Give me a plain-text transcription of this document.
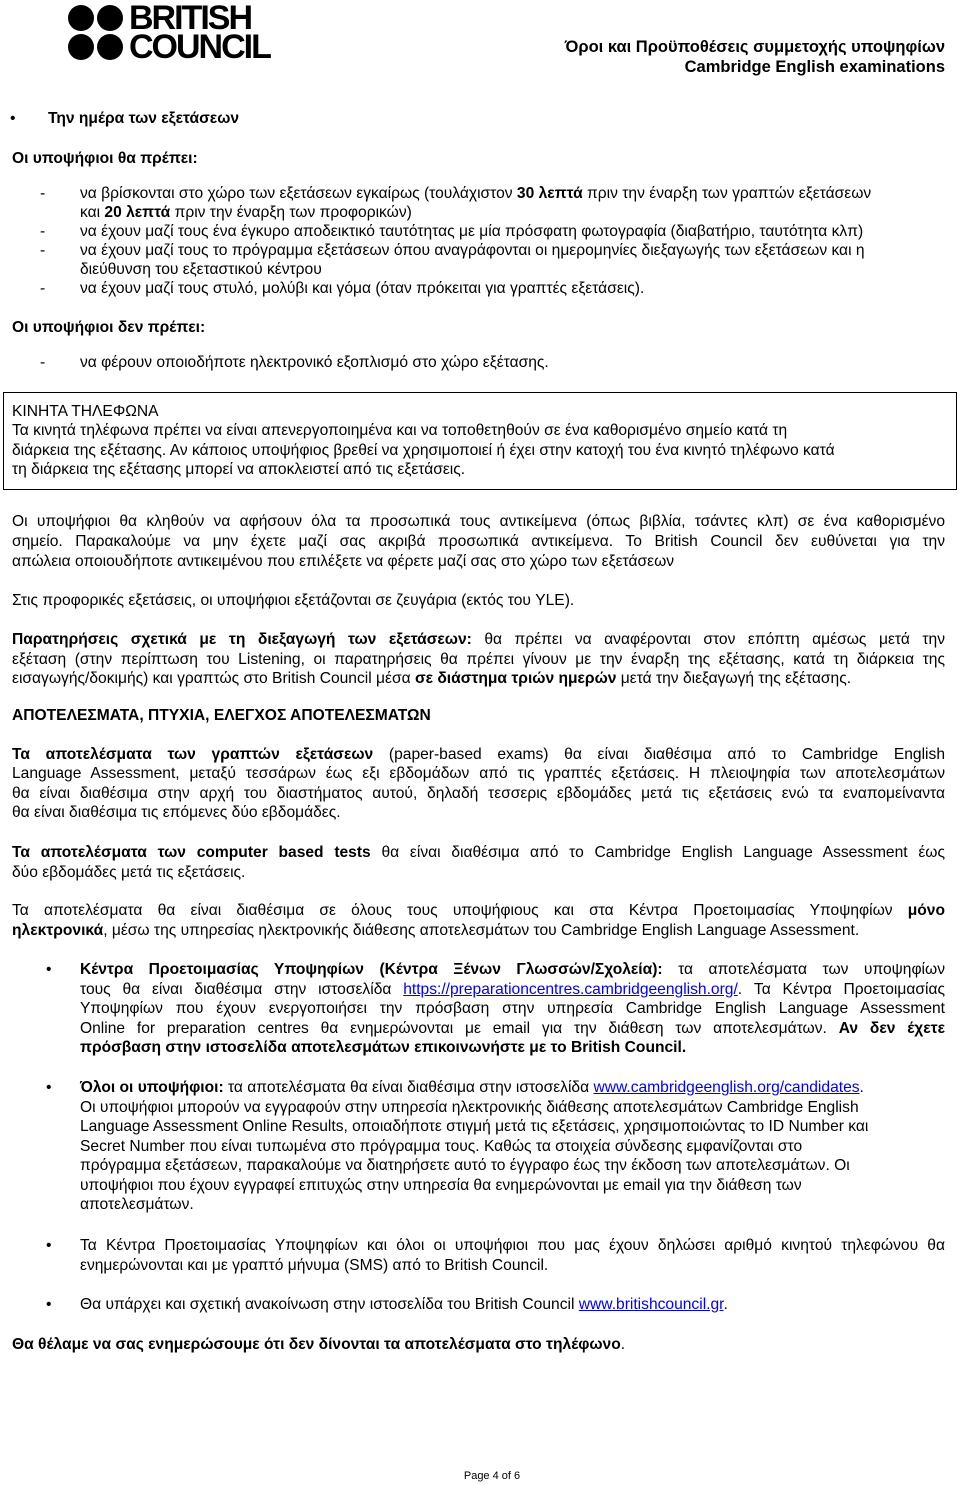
BRITISH
COUNCIL	Όροι και Προϋποθέσεις συμμετοχής υποψηφίων
Cambridge English examinations
• Την ημέρα των εξετάσεων
Οι υποψήφιοι θα πρέπει:
- να βρίσκονται στο χώρο των εξετάσεων εγκαίρως (τουλάχιστον 30 λεπτά πριν την έναρξη των γραπτών εξετάσεων
και 20 λεπτά πριν την έναρξη των προφορικών)
- να έχουν μαζί τους ένα έγκυρο αποδεικτικό ταυτότητας με μία πρόσφατη φωτογραφία (διαβατήριο, ταυτότητα κλπ)
- να έχουν μαζί τους το πρόγραμμα εξετάσεων όπου αναγράφονται οι ημερομηνίες διεξαγωγής των εξετάσεων και η
διεύθυνση του εξεταστικού κέντρου
- να έχουν μαζί τους στυλό, μολύβι και γόμα (όταν πρόκειται για γραπτές εξετάσεις).
Οι υποψήφιοι δεν πρέπει:
- να φέρουν οποιοδήποτε ηλεκτρονικό εξοπλισμό στο χώρο εξέτασης.
ΚΙΝΗΤΑ ΤΗΛΕΦΩΝΑ
Τα κινητά τηλέφωνα πρέπει να είναι απενεργοποιημένα και να τοποθετηθούν σε ένα καθορισμένο σημείο κατά τη
διάρκεια της εξέτασης. Αν κάποιος υποψήφιος βρεθεί να χρησιμοποιεί ή έχει στην κατοχή του ένα κινητό τηλέφωνο κατά
τη διάρκεια της εξέτασης μπορεί να αποκλειστεί από τις εξετάσεις.
Οι υποψήφιοι θα κληθούν να αφήσουν όλα τα προσωπικά τους αντικείμενα (όπως βιβλία, τσάντες κλπ) σε ένα καθορισμένο
σημείο. Παρακαλούμε να μην έχετε μαζί σας ακριβά προσωπικά αντικείμενα. Το British Council δεν ευθύνεται για την
απώλεια οποιουδήποτε αντικειμένου που επιλέξετε να φέρετε μαζί σας στο χώρο των εξετάσεων
Στις προφορικές εξετάσεις, οι υποψήφιοι εξετάζονται σε ζευγάρια (εκτός του YLE).
Παρατηρήσεις σχετικά με τη διεξαγωγή των εξετάσεων: θα πρέπει να αναφέρονται στον επόπτη αμέσως μετά την
εξέταση (στην περίπτωση του Listening, οι παρατηρήσεις θα πρέπει γίνουν με την έναρξη της εξέτασης, κατά τη διάρκεια της
εισαγωγής/δοκιμής) και γραπτώς στο British Council μέσα σε διάστημα τριών ημερών μετά την διεξαγωγή της εξέτασης.
ΑΠΟΤΕΛΕΣΜΑΤΑ, ΠΤΥΧΙΑ, ΕΛΕΓΧΟΣ ΑΠΟΤΕΛΕΣΜΑΤΩΝ
Τα αποτελέσματα των γραπτών εξετάσεων (paper-based exams) θα είναι διαθέσιμα από το Cambridge English
Language Assessment, μεταξύ τεσσάρων έως εξι εβδομάδων από τις γραπτές εξετάσεις. Η πλειοψηφία των αποτελεσμάτων
θα είναι διαθέσιμα στην αρχή του διαστήματος αυτού, δηλαδή τεσσερις εβδομάδες μετά τις εξετάσεις ενώ τα εναπομείναντα
θα είναι διαθέσιμα τις επόμενες δύο εβδομάδες.
Τα αποτελέσματα των computer based tests θα είναι διαθέσιμα από το Cambridge English Language Assessment έως
δύο εβδομάδες μετά τις εξετάσεις.
Τα αποτελέσματα θα είναι διαθέσιμα σε όλους τους υποψήφιους και στα Κέντρα Προετοιμασίας Υποψηφίων μόνο
ηλεκτρονικά, μέσω της υπηρεσίας ηλεκτρονικής διάθεσης αποτελεσμάτων του Cambridge English Language Assessment.
• Κέντρα Προετοιμασίας Υποψηφίων (Κέντρα Ξένων Γλωσσών/Σχολεία): τα αποτελέσματα των υποψηφίων
τους θα είναι διαθέσιμα στην ιστοσελίδα https://preparationcentres.cambridgeenglish.org/. Τα Κέντρα Προετοιμασίας
Υποψηφίων που έχουν ενεργοποιήσει την πρόσβαση στην υπηρεσία Cambridge English Language Assessment
Online for preparation centres θα ενημερώνονται με email για την διάθεση των αποτελεσμάτων. Αν δεν έχετε
πρόσβαση στην ιστοσελίδα αποτελεσμάτων επικοινωνήστε με το British Council.
• Όλοι οι υποψήφιοι: τα αποτελέσματα θα είναι διαθέσιμα στην ιστοσελίδα www.cambridgeenglish.org/candidates.
Οι υποψήφιοι μπορούν να εγγραφούν στην υπηρεσία ηλεκτρονικής διάθεσης αποτελεσμάτων Cambridge English
Language Assessment Online Results, οποιαδήποτε στιγμή μετά τις εξετάσεις, χρησιμοποιώντας το ID Number και
Secret Number που είναι τυπωμένα στο πρόγραμμα τους. Καθώς τα στοιχεία σύνδεσης εμφανίζονται στο
πρόγραμμα εξετάσεων, παρακαλούμε να διατηρήσετε αυτό το έγγραφο έως την έκδοση των αποτελεσμάτων. Οι
υποψήφιοι που έχουν εγγραφεί επιτυχώς στην υπηρεσία θα ενημερώνονται με email για την διάθεση των
αποτελεσμάτων.
• Τα Κέντρα Προετοιμασίας Υποψηφίων και όλοι οι υποψήφιοι που μας έχουν δηλώσει αριθμό κινητού τηλεφώνου θα
ενημερώνονται και με γραπτό μήνυμα (SMS) από το British Council.
• Θα υπάρχει και σχετική ανακοίνωση στην ιστοσελίδα του British Council www.britishcouncil.gr.
Θα θέλαμε να σας ενημερώσουμε ότι δεν δίνονται τα αποτελέσματα στο τηλέφωνο.
Page 4 of 6
